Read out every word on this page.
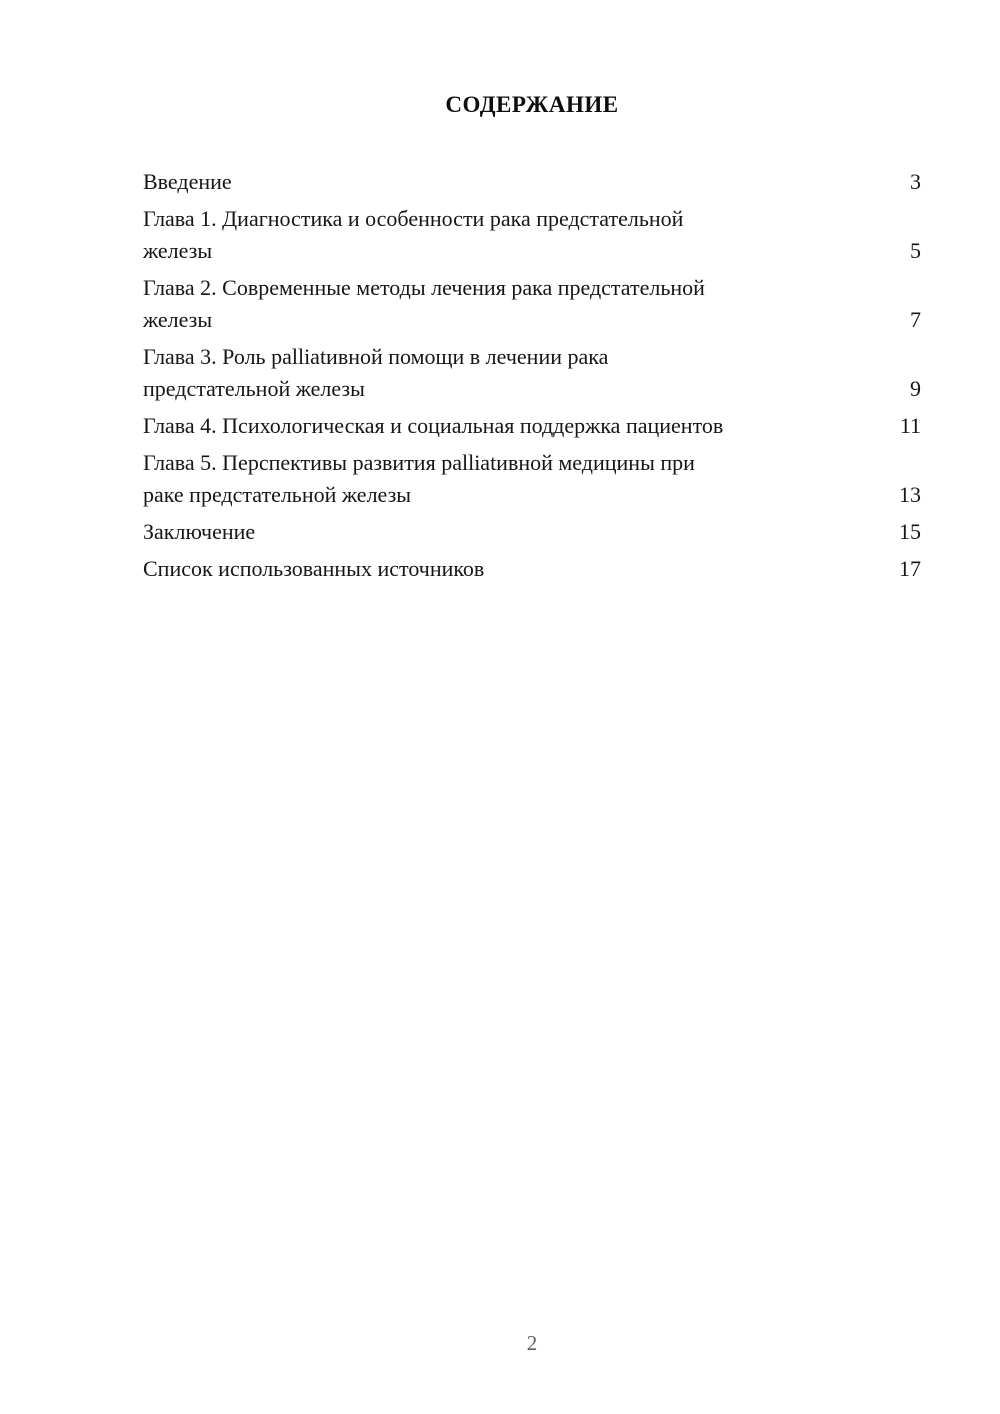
СОДЕРЖАНИЕ
Введение	3
Глава 1. Диагностика и особенности рака предстательной
железы	5
Глава 2. Современные методы лечения рака предстательной
железы	7
Глава 3. Роль palliatивной помощи в лечении рака
предстательной железы	9
Глава 4. Психологическая и социальная поддержка пациентов	11
Глава 5. Перспективы развития palliatивной медицины при
раке предстательной железы	13
Заключение	15
Список использованных источников	17
2
